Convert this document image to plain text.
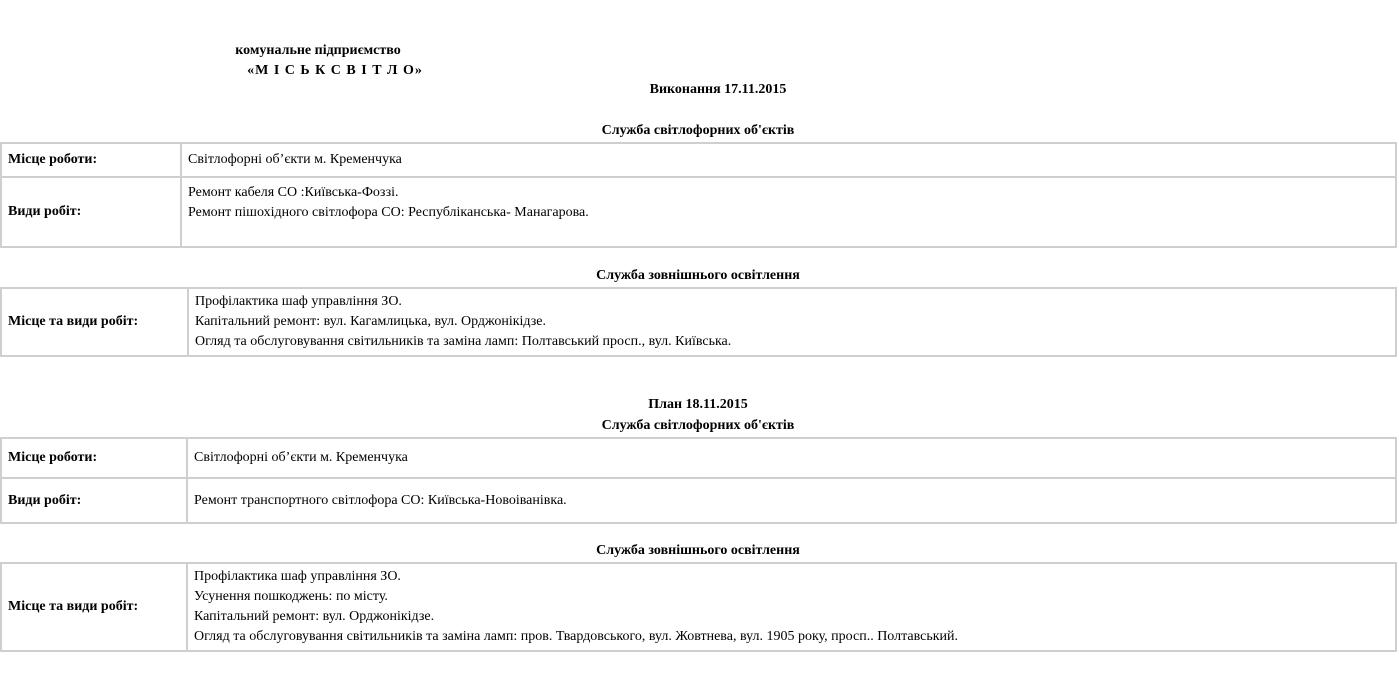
комунальне підприємство
«М І С Ь К С В І Т Л О»
Виконання 17.11.2015
Служба світлофорних об'єктів
Місце роботи:	Світлофорні об’єкти м. Кременчука
Види робіт:	Ремонт кабеля СО :Київська-Фоззі.
Ремонт пішохідного світлофора СО: Республіканська- Манагарова.
Служба зовнішнього освітлення
Місце та види робіт:	
Профілактика шаф управління ЗО.
Капітальний ремонт: вул. Кагамлицька, вул. Орджонікідзе.
Огляд та обслуговування світильників та заміна ламп: Полтавський просп., вул. Київська.
План 18.11.2015
Служба світлофорних об'єктів
Місце роботи:	Світлофорні об’єкти м. Кременчука
Види робіт:	Ремонт транспортного світлофора СО: Київська-Новоіванівка.
Служба зовнішнього освітлення
Місце та види робіт:	
Профілактика шаф управління ЗО.
Усунення пошкоджень: по місту.
Капітальний ремонт: вул. Орджонікідзе.
Огляд та обслуговування світильників та заміна ламп: пров. Твардовського, вул. Жовтнева, вул. 1905 року, просп.. Полтавський.
